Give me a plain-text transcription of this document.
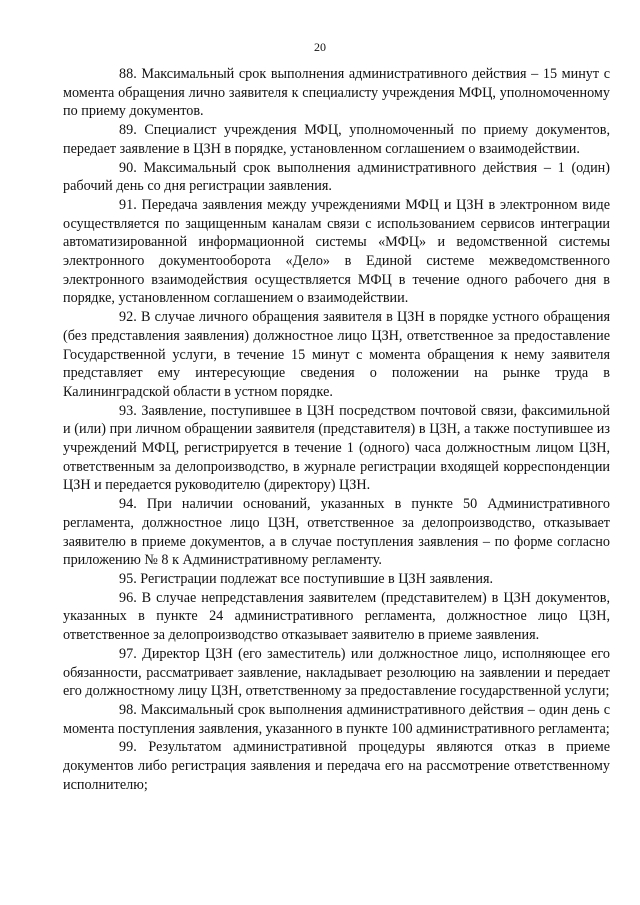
20

88. Максимальный срок выполнения административного действия – 15 минут с момента обращения лично заявителя к специалисту учреждения МФЦ, уполномоченному по приему документов.

89. Специалист учреждения МФЦ, уполномоченный по приему документов, передает заявление в ЦЗН в порядке, установленном соглашением о взаимодействии.

90. Максимальный срок выполнения административного действия – 1 (один) рабочий день со дня регистрации заявления.

91. Передача заявления между учреждениями МФЦ и ЦЗН в электронном виде осуществляется по защищенным каналам связи с использованием сервисов интеграции автоматизированной информационной системы «МФЦ» и ведомственной системы электронного документооборота «Дело» в Единой системе межведомственного электронного взаимодействия осуществляется МФЦ в течение одного рабочего дня в порядке, установленном соглашением о взаимодействии.

92. В случае личного обращения заявителя в ЦЗН в порядке устного обращения (без представления заявления) должностное лицо ЦЗН, ответственное за предоставление Государственной услуги, в течение 15 минут с момента обращения к нему заявителя представляет ему интересующие сведения о положении на рынке труда в Калининградской области в устном порядке.

93. Заявление, поступившее в ЦЗН посредством почтовой связи, факсимильной и (или) при личном обращении заявителя (представителя) в ЦЗН, а также поступившее из учреждений МФЦ, регистрируется в течение 1 (одного) часа должностным лицом ЦЗН, ответственным за делопроизводство, в журнале регистрации входящей корреспонденции ЦЗН и передается руководителю (директору) ЦЗН.

94. При наличии оснований, указанных в пункте 50 Административного регламента, должностное лицо ЦЗН, ответственное за делопроизводство, отказывает заявителю в приеме документов, а в случае поступления заявления – по форме согласно приложению № 8 к Административному регламенту.

95. Регистрации подлежат все поступившие в ЦЗН заявления.

96. В случае непредставления заявителем (представителем) в ЦЗН документов, указанных в пункте 24 административного регламента, должностное лицо ЦЗН, ответственное за делопроизводство отказывает заявителю в приеме заявления.

97. Директор ЦЗН (его заместитель) или должностное лицо, исполняющее его обязанности, рассматривает заявление, накладывает резолюцию на заявлении и передает его должностному лицу ЦЗН, ответственному за предоставление государственной услуги;

98. Максимальный срок выполнения административного действия – один день с момента поступления заявления, указанного в пункте 100 административного регламента;

99. Результатом административной процедуры являются отказ в приеме документов либо регистрация заявления и передача его на рассмотрение ответственному исполнителю;
